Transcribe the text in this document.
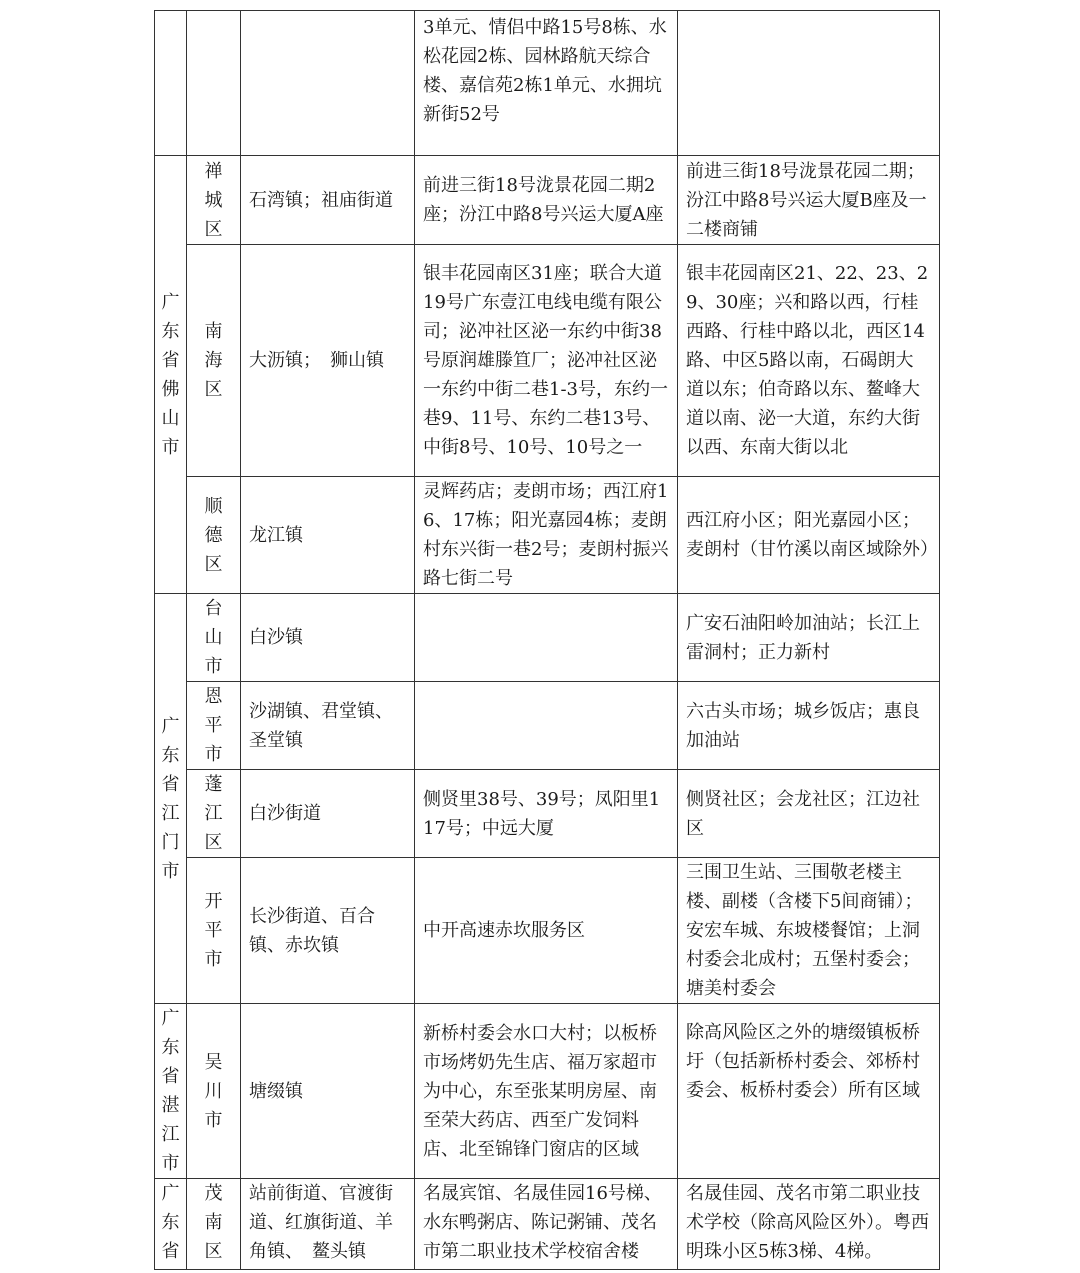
		3单元、情侣中路15号8栋、水松花园2栋、园林路航天综合楼、嘉信苑2栋1单元、水拥坑新街52号	

广东省佛山市	禅城区	石湾镇；祖庙街道	前进三街18号泷景花园二期2座；汾江中路8号兴运大厦A座	前进三街18号泷景花园二期；汾江中路8号兴运大厦B座及一二楼商铺

	南海区	大沥镇；　狮山镇	银丰花园南区31座；联合大道19号广东壹江电线电缆有限公司；泌冲社区泌一东约中街38号原润雄滕笪厂；泌冲社区泌一东约中街二巷1-3号，东约一巷9、11号、东约二巷13号、中街8号、10号、10号之一	银丰花园南区21、22、23、29、30座；兴和路以西，行桂西路、行桂中路以北，西区14路、中区5路以南，石碣朗大道以东；伯奇路以东、鳌峰大道以南、泌一大道，东约大街以西、东南大街以北

	顺德区	龙江镇	灵辉药店；麦朗市场；西江府16、17栋；阳光嘉园4栋；麦朗村东兴街一巷2号；麦朗村振兴路七街二号	西江府小区；阳光嘉园小区；麦朗村（甘竹溪以南区域除外）

广东省江门市	台山市	白沙镇		广安石油阳岭加油站；长江上雷洞村；正力新村

	恩平市	沙湖镇、君堂镇、圣堂镇		六古头市场；城乡饭店；惠良加油站

	蓬江区	白沙街道	侧贤里38号、39号；凤阳里117号；中远大厦	侧贤社区；会龙社区；江边社区

	开平市	长沙街道、百合镇、赤坎镇	中开高速赤坎服务区	三围卫生站、三围敬老楼主楼、副楼（含楼下5间商铺）；安宏车城、东坡楼餐馆；上洞村委会北成村；五堡村委会；塘美村委会

广东省湛江市	吴川市	塘缀镇	新桥村委会水口大村；以板桥市场烤奶先生店、福万家超市为中心，东至张某明房屋、南至荣大药店、西至广发饲料店、北至锦锋门窗店的区域	除高风险区之外的塘缀镇板桥圩（包括新桥村委会、郊桥村委会、板桥村委会）所有区域

广东省	茂南区	站前街道、官渡街道、红旗街道、羊角镇、　鳌头镇	名晟宾馆、名晟佳园16号梯、水东鸭粥店、陈记粥铺、茂名市第二职业技术学校宿舍楼	名晟佳园、茂名市第二职业技术学校（除高风险区外）。粤西明珠小区5栋3梯、4梯。
